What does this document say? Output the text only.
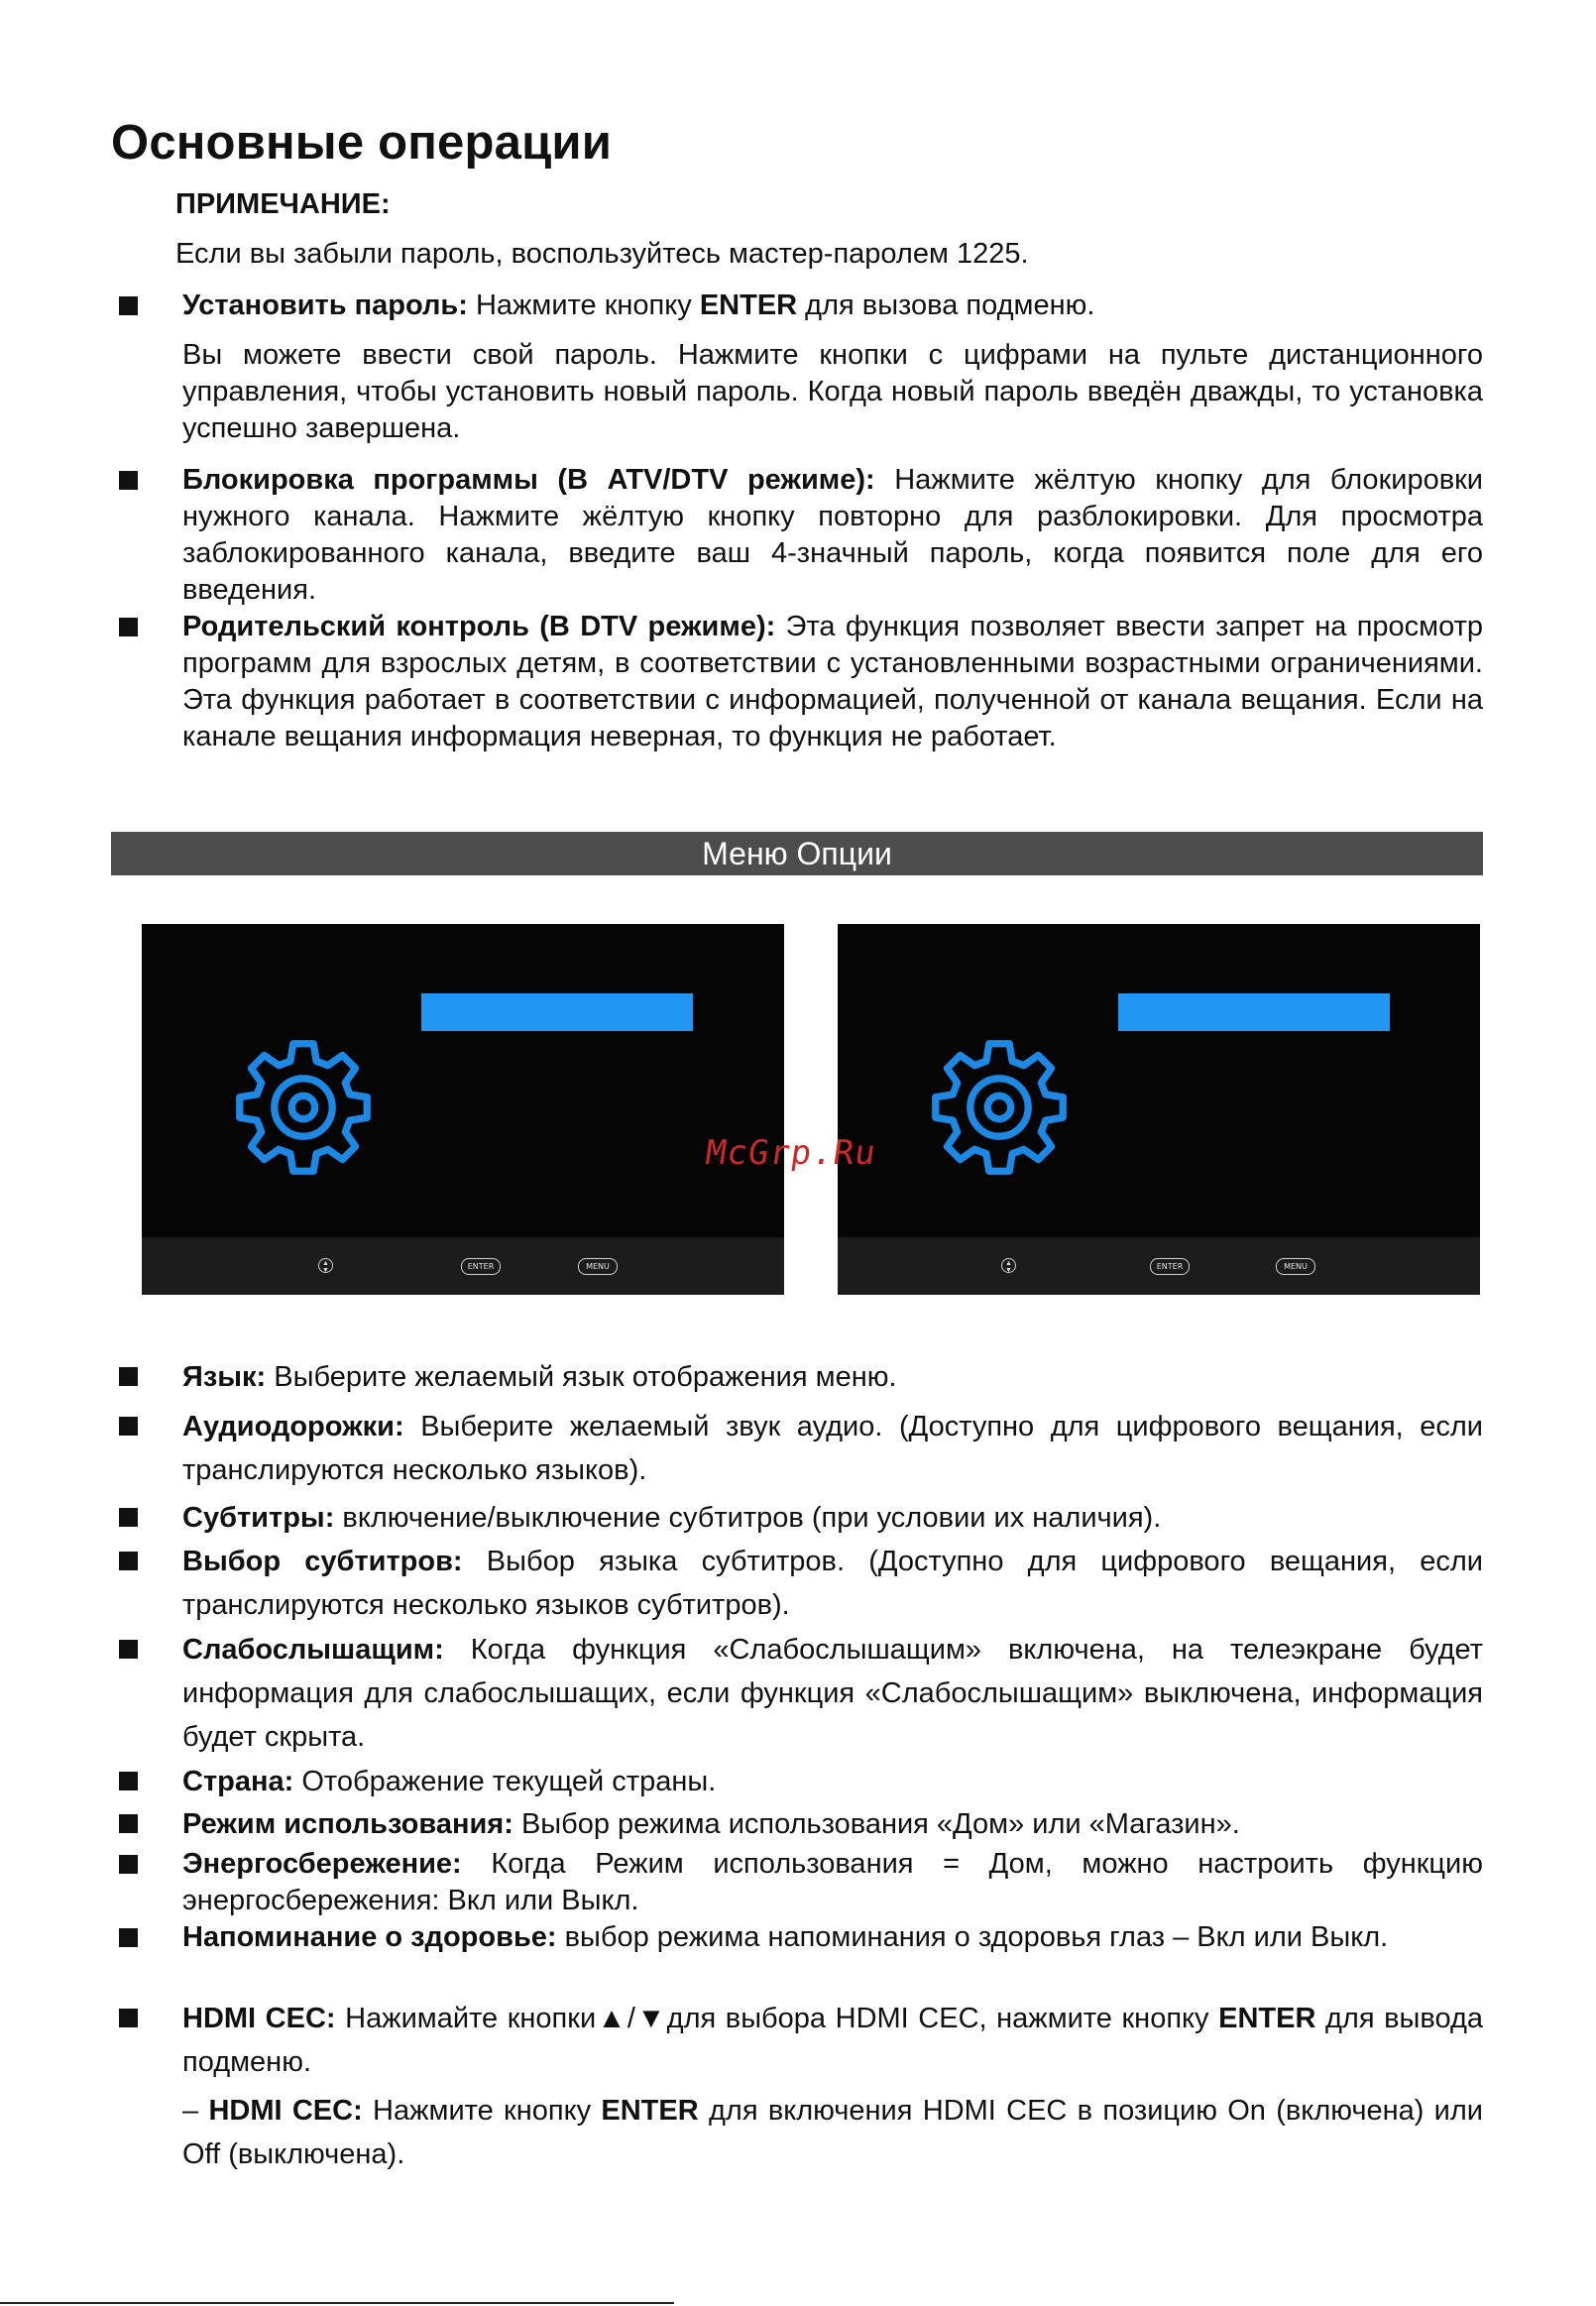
Основные операции
ПРИМЕЧАНИЕ:
Если вы забыли пароль, воспользуйтесь мастер-паролем 1225.
Установить пароль: Нажмите кнопку ENTER для вызова подменю.
Вы можете ввести свой пароль. Нажмите кнопки с цифрами на пульте дистанционного управления, чтобы установить новый пароль. Когда новый пароль введён дважды, то установка успешно завершена.
Блокировка программы (В ATV/DTV режиме): Нажмите жёлтую кнопку для блокировки нужного канала. Нажмите жёлтую кнопку повторно для разблокировки. Для просмотра заблокированного канала, введите ваш 4-значный пароль, когда появится поле для его введения.
Родительский контроль (В DTV режиме): Эта функция позволяет ввести запрет на просмотр программ для взрослых детям, в соответствии с установленными возрастными ограничениями. Эта функция работает в соответствии с информацией, полученной от канала вещания. Если на канале вещания информация неверная, то функция не работает.
Меню Опции
▲
▼	ENTER	MENU	▲
▼	ENTER	MENU
McGrp.Ru
Язык: Выберите желаемый язык отображения меню.
Аудиодорожки: Выберите желаемый звук аудио. (Доступно для цифрового вещания, если транслируются несколько языков).
Субтитры: включение/выключение субтитров (при условии их наличия).
Выбор субтитров: Выбор языка субтитров. (Доступно для цифрового вещания, если транслируются несколько языков субтитров).
Слабослышащим: Когда функция «Слабослышащим» включена, на телеэкране будет информация для слабослышащих, если функция «Слабослышащим» выключена, информация будет скрыта.
Страна: Отображение текущей страны.
Режим использования: Выбор режима использования «Дом» или «Магазин».
Энергосбережение: Когда Режим использования = Дом, можно настроить функцию энергосбережения: Вкл или Выкл.
Напоминание о здоровье: выбор режима напоминания о здоровья глаз – Вкл или Выкл.
HDMI CEC: Нажимайте кнопки▲/▼для выбора HDMI CEC, нажмите кнопку ENTER для вывода подменю.
– HDMI CEC: Нажмите кнопку ENTER для включения HDMI CEC в позицию On (включена) или Off (выключена).
